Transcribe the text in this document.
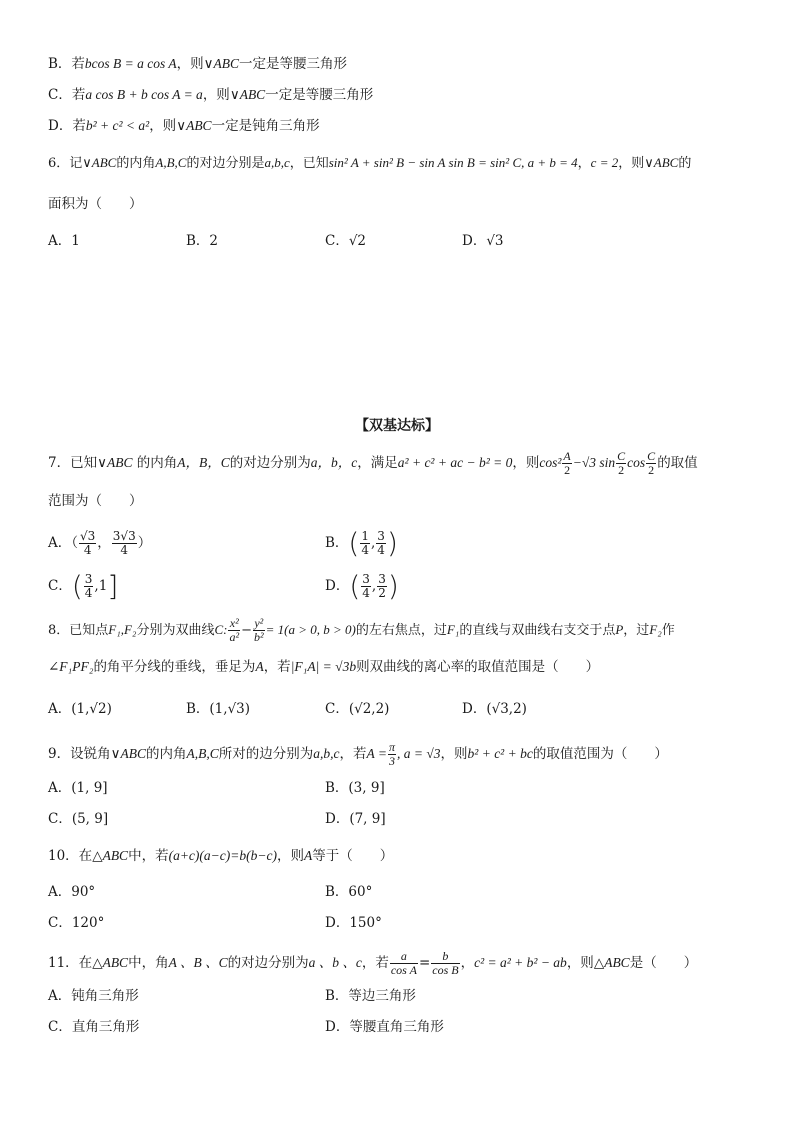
B．若bcos B = a cos A，则∨ABC一定是等腰三角形
C．若a cos B + b cos A = a，则∨ABC一定是等腰三角形
D．若b² + c² < a²，则∨ABC一定是钝角三角形
6．记∨ABC的内角A,B,C的对边分别是a,b,c，已知sin² A + sin² B − sin A sin B = sin² C, a + b = 4，c = 2，则∨ABC的
面积为（　　）
A．1	B．2	C．√2	D．√3
【双基达标】
7．已知∨ABC 的内角A，B，C的对边分别为a，b，c，满足a² + c² + ac − b² = 0，则$\cos^2 \frac{A}{2} -√3$ $\sin \frac{C}{2}$ $\cos \frac{C}{2}$ 的取值
范围为（　　）
A．（ $\frac{√3}{4}$ ， $\frac{3√3}{4}$ ）	B．( $\frac{1}{4}$ , $\frac{3}{4}$ )
C．( $\frac{3}{4} ,1$]	D．( $\frac{3}{4}$ , $\frac{3}{2}$ )
8．已知点F₁,F₂分别为双曲线C: $\frac{\text{x²}}{\text{a²}} - \frac{\text{y²}}{\text{b²}} = 1(a > 0$, b > 0)的左右焦点，过F₁的直线与双曲线右支交于点P，过F₂作
∠F₁PF₂的角平分线的垂线，垂足为A，若|F₁A| = √3b则双曲线的离心率的取值范围是（　　）
A．(1,√2)	B．(1,√3)	C．(√2,2)	D．(√3,2)
9．设锐角∨ABC的内角A,B,C所对的边分别为a,b,c，若$A = \frac{\pi}{3}$ , a = √3，则b² + c² + bc的取值范围为（　　）
A．(1, 9]	B．(3, 9]
C．(5, 9]	D．(7, 9]
10．在△ABC中，若(a+c)(a−c)=b(b−c)，则A等于（　　）
A．90°	B．60°
C．120°	D．150°
11．在△ABC中，角A 、B 、C的对边分别为a 、b 、c，若 $\frac{a}{\text{cos A}} = \frac{b}{\text{cos B}}$ ，c² = a² + b² − ab，则△ABC是（　　）
A．钝角三角形	B．等边三角形
C．直角三角形	D．等腰直角三角形
